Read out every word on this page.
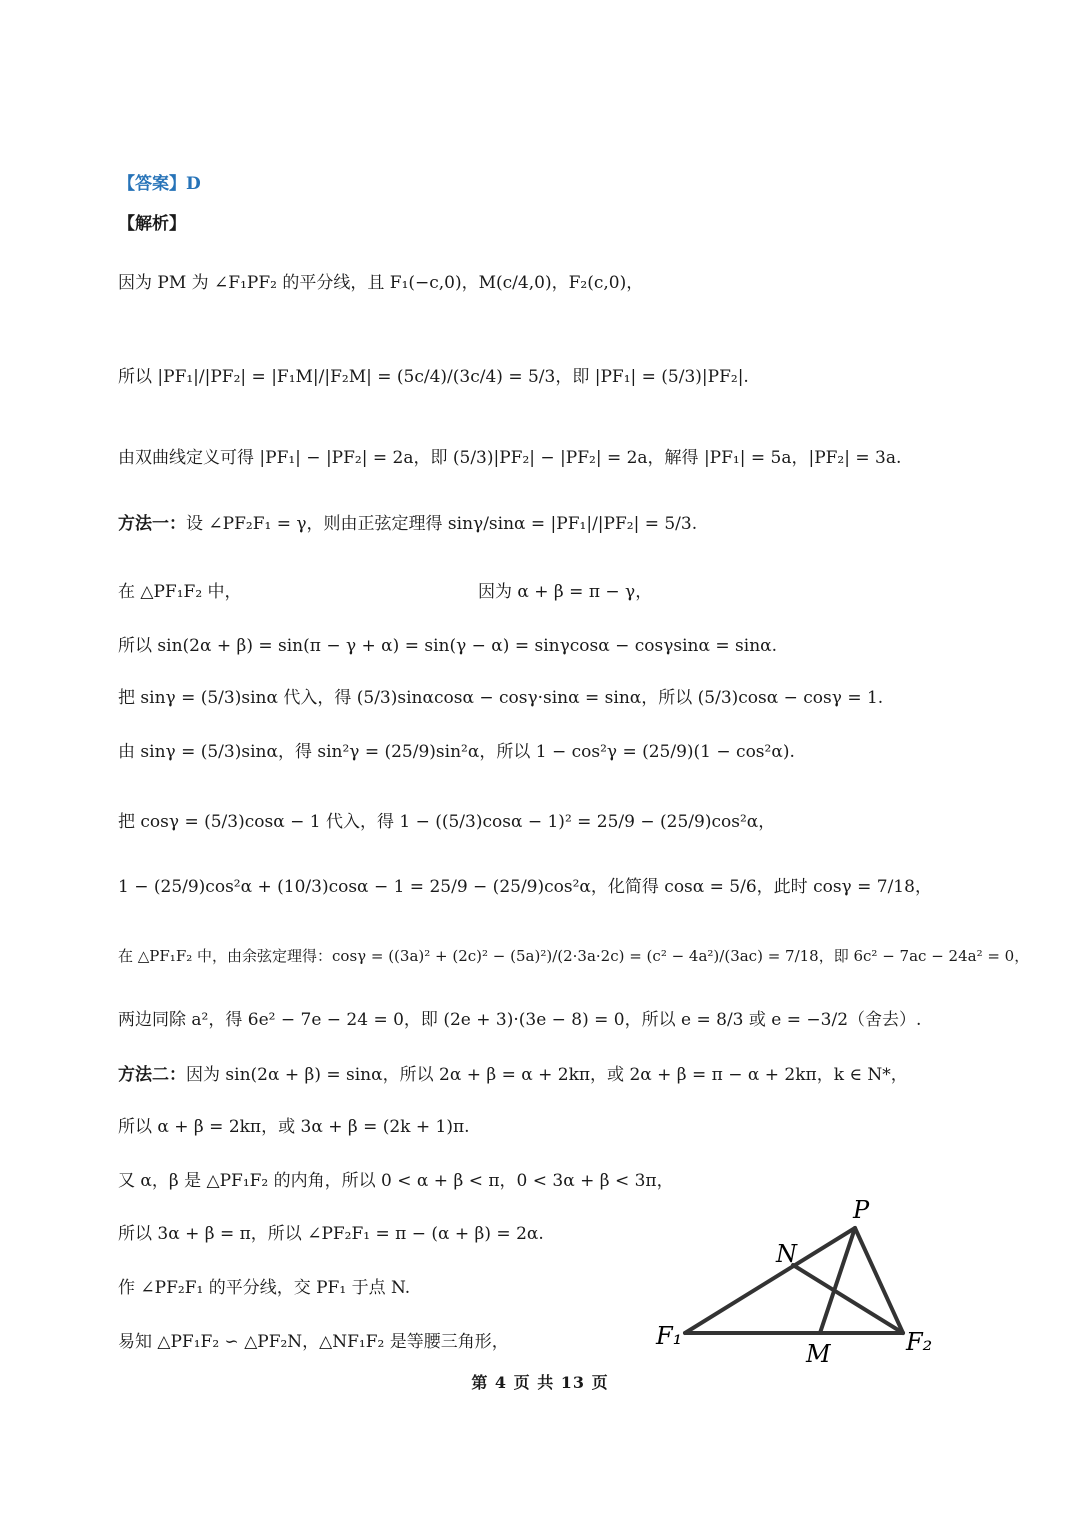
【答案】 D
【解析】
因为 PM 为 ∠F₁PF₂ 的平分线，且 F₁(−c,0)，M(c/4,0)，F₂(c,0)，
所以 |PF₁|/|PF₂| = |F₁M|/|F₂M| = (5c/4)/(3c/4) = 5/3，即 |PF₁| = (5/3)|PF₂|.
由双曲线定义可得 |PF₁| − |PF₂| = 2a，即 (5/3)|PF₂| − |PF₂| = 2a，解得 |PF₁| = 5a，|PF₂| = 3a.
方法一： 设 ∠PF₂F₁ = γ，则由正弦定理得 sinγ/sinα = |PF₁|/|PF₂| = 5/3.
在 △PF₁F₂ 中，	因为 α + β = π − γ，
所以 sin(2α + β) = sin(π − γ + α) = sin(γ − α) = sinγcosα − cosγsinα = sinα.
把 sinγ = (5/3)sinα 代入，得 (5/3)sinαcosα − cosγ·sinα = sinα，所以 (5/3)cosα − cosγ = 1.
由 sinγ = (5/3)sinα，得 sin²γ = (25/9)sin²α，所以 1 − cos²γ = (25/9)(1 − cos²α).
把 cosγ = (5/3)cosα − 1 代入，得 1 − ((5/3)cosα − 1)² = 25/9 − (25/9)cos²α，
1 − (25/9)cos²α + (10/3)cosα − 1 = 25/9 − (25/9)cos²α，化简得 cosα = 5/6，此时 cosγ = 7/18，
在 △PF₁F₂ 中，由余弦定理得：cosγ = ((3a)² + (2c)² − (5a)²)/(2·3a·2c) = (c² − 4a²)/(3ac) = 7/18，即 6c² − 7ac − 24a² = 0，
两边同除 a²，得 6e² − 7e − 24 = 0，即 (2e + 3)·(3e − 8) = 0，所以 e = 8/3 或 e = −3/2（舍去）.
方法二： 因为 sin(2α + β) = sinα，所以 2α + β = α + 2kπ，或 2α + β = π − α + 2kπ，k ∈ N*，
所以 α + β = 2kπ，或 3α + β = (2k + 1)π.
又 α，β 是 △PF₁F₂ 的内角，所以 0 < α + β < π，0 < 3α + β < 3π，
所以 3α + β = π，所以 ∠PF₂F₁ = π − (α + β) = 2α.
作 ∠PF₂F₁ 的平分线，交 PF₁ 于点 N.
易知 △PF₁F₂ ∽ △PF₂N，△NF₁F₂ 是等腰三角形，
P
N
M
F₁	F₂
第 4 页 共 13 页
